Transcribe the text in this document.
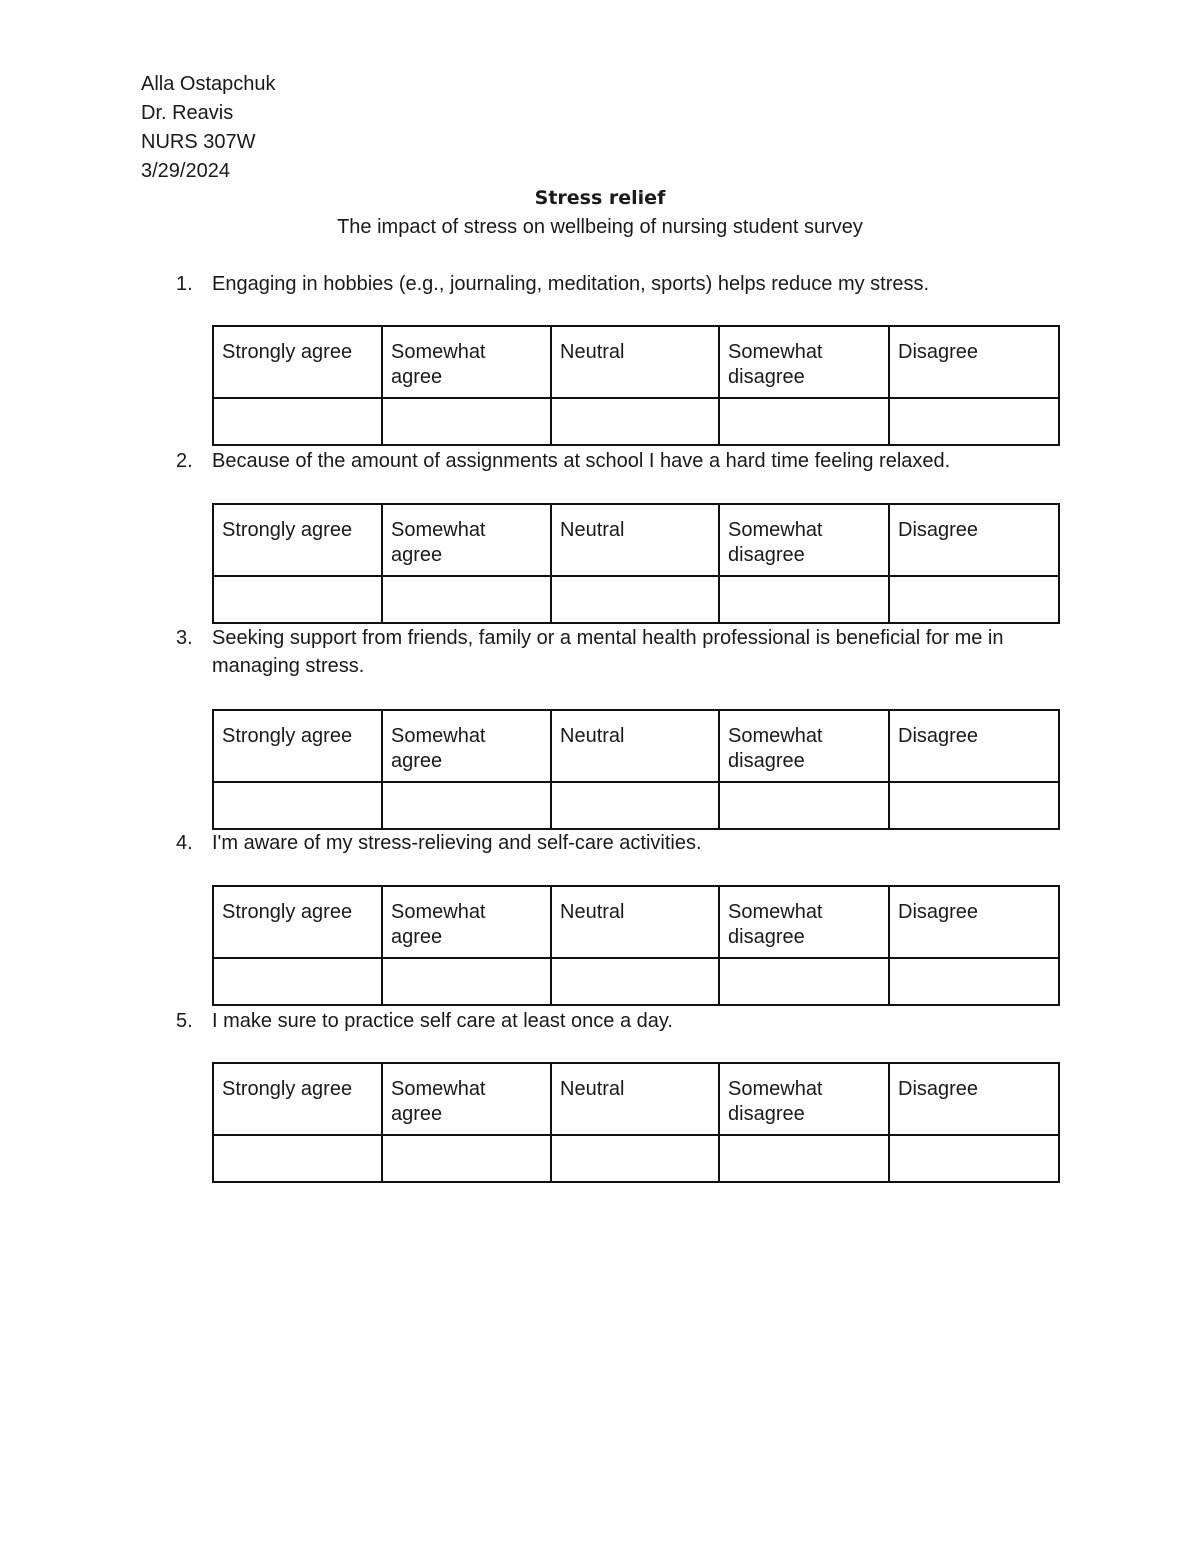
Alla Ostapchuk
Dr. Reavis
NURS 307W
3/29/2024
Stress relief
The impact of stress on wellbeing of nursing student survey
1. Engaging in hobbies (e.g., journaling, meditation, sports) helps reduce my stress.
Strongly agree	Somewhat agree	Neutral	Somewhat disagree	Disagree

2. Because of the amount of assignments at school I have a hard time feeling relaxed.
Strongly agree	Somewhat agree	Neutral	Somewhat disagree	Disagree

3. Seeking support from friends, family or a mental health professional is beneficial for me in managing stress.
Strongly agree	Somewhat agree	Neutral	Somewhat disagree	Disagree

4. I'm aware of my stress-relieving and self-care activities.
Strongly agree	Somewhat agree	Neutral	Somewhat disagree	Disagree

5. I make sure to practice self care at least once a day.
Strongly agree	Somewhat agree	Neutral	Somewhat disagree	Disagree
